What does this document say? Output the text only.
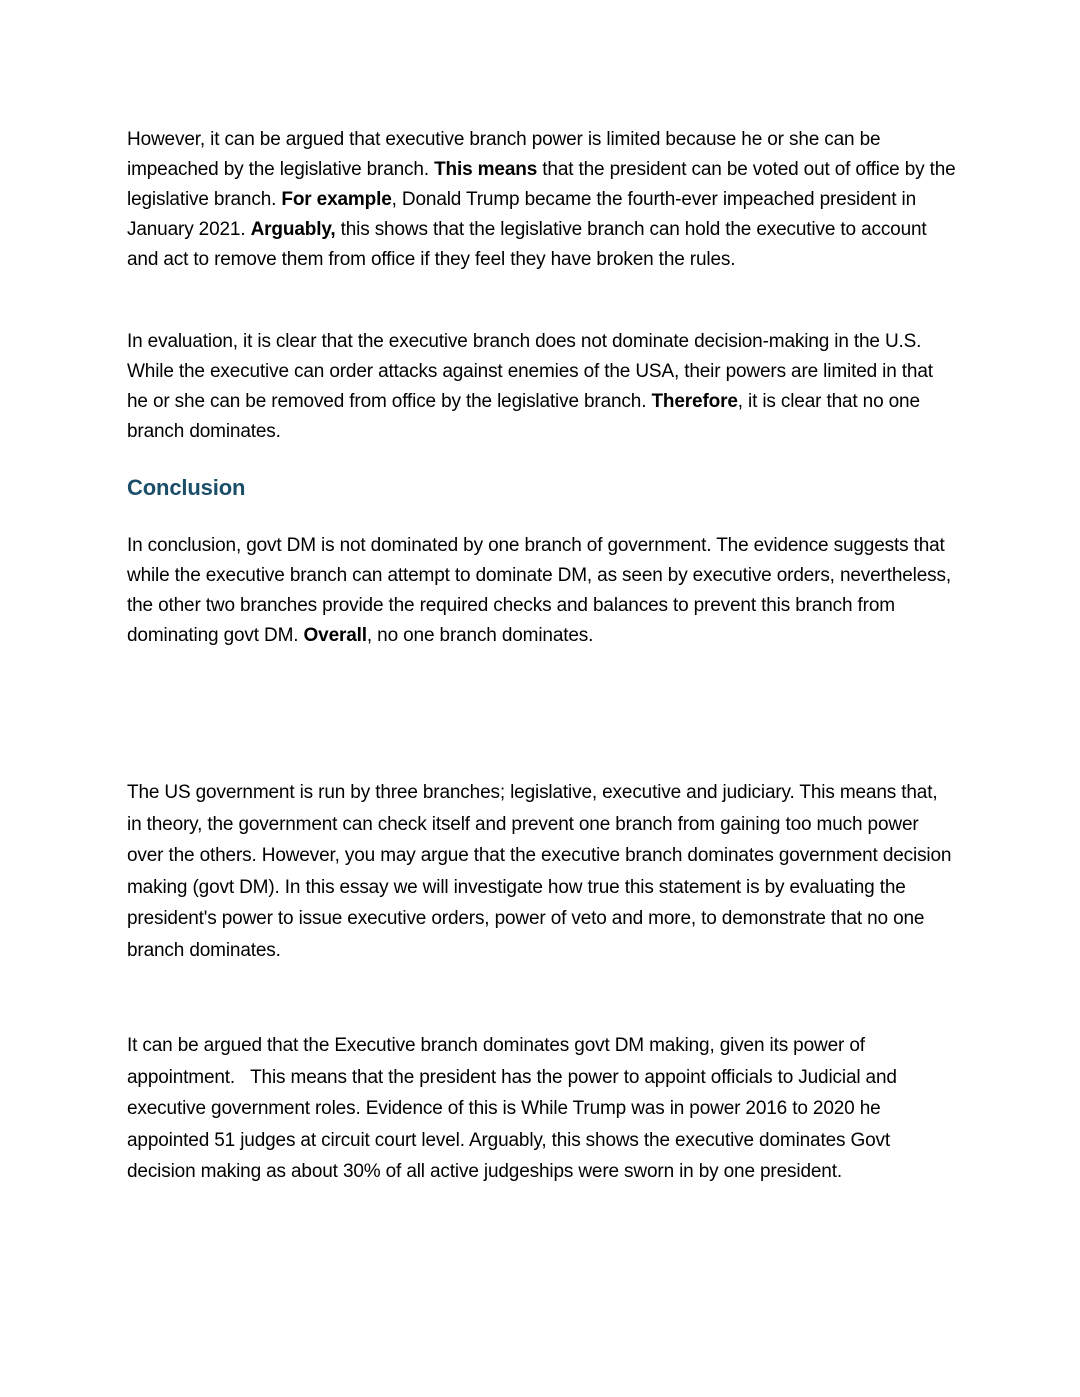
However, it can be argued that executive branch power is limited because he or she can be impeached by the legislative branch. This means that the president can be voted out of office by the legislative branch. For example, Donald Trump became the fourth-ever impeached president in January 2021. Arguably, this shows that the legislative branch can hold the executive to account and act to remove them from office if they feel they have broken the rules.

In evaluation, it is clear that the executive branch does not dominate decision-making in the U.S. While the executive can order attacks against enemies of the USA, their powers are limited in that he or she can be removed from office by the legislative branch. Therefore, it is clear that no one branch dominates.

Conclusion

In conclusion, govt DM is not dominated by one branch of government. The evidence suggests that while the executive branch can attempt to dominate DM, as seen by executive orders, nevertheless, the other two branches provide the required checks and balances to prevent this branch from dominating govt DM. Overall, no one branch dominates.

The US government is run by three branches; legislative, executive and judiciary. This means that, in theory, the government can check itself and prevent one branch from gaining too much power over the others. However, you may argue that the executive branch dominates government decision making (govt DM). In this essay we will investigate how true this statement is by evaluating the president's power to issue executive orders, power of veto and more, to demonstrate that no one branch dominates.

It can be argued that the Executive branch dominates govt DM making, given its power of appointment.   This means that the president has the power to appoint officials to Judicial and executive government roles. Evidence of this is While Trump was in power 2016 to 2020 he appointed 51 judges at circuit court level. Arguably, this shows the executive dominates Govt decision making as about 30% of all active judgeships were sworn in by one president.
